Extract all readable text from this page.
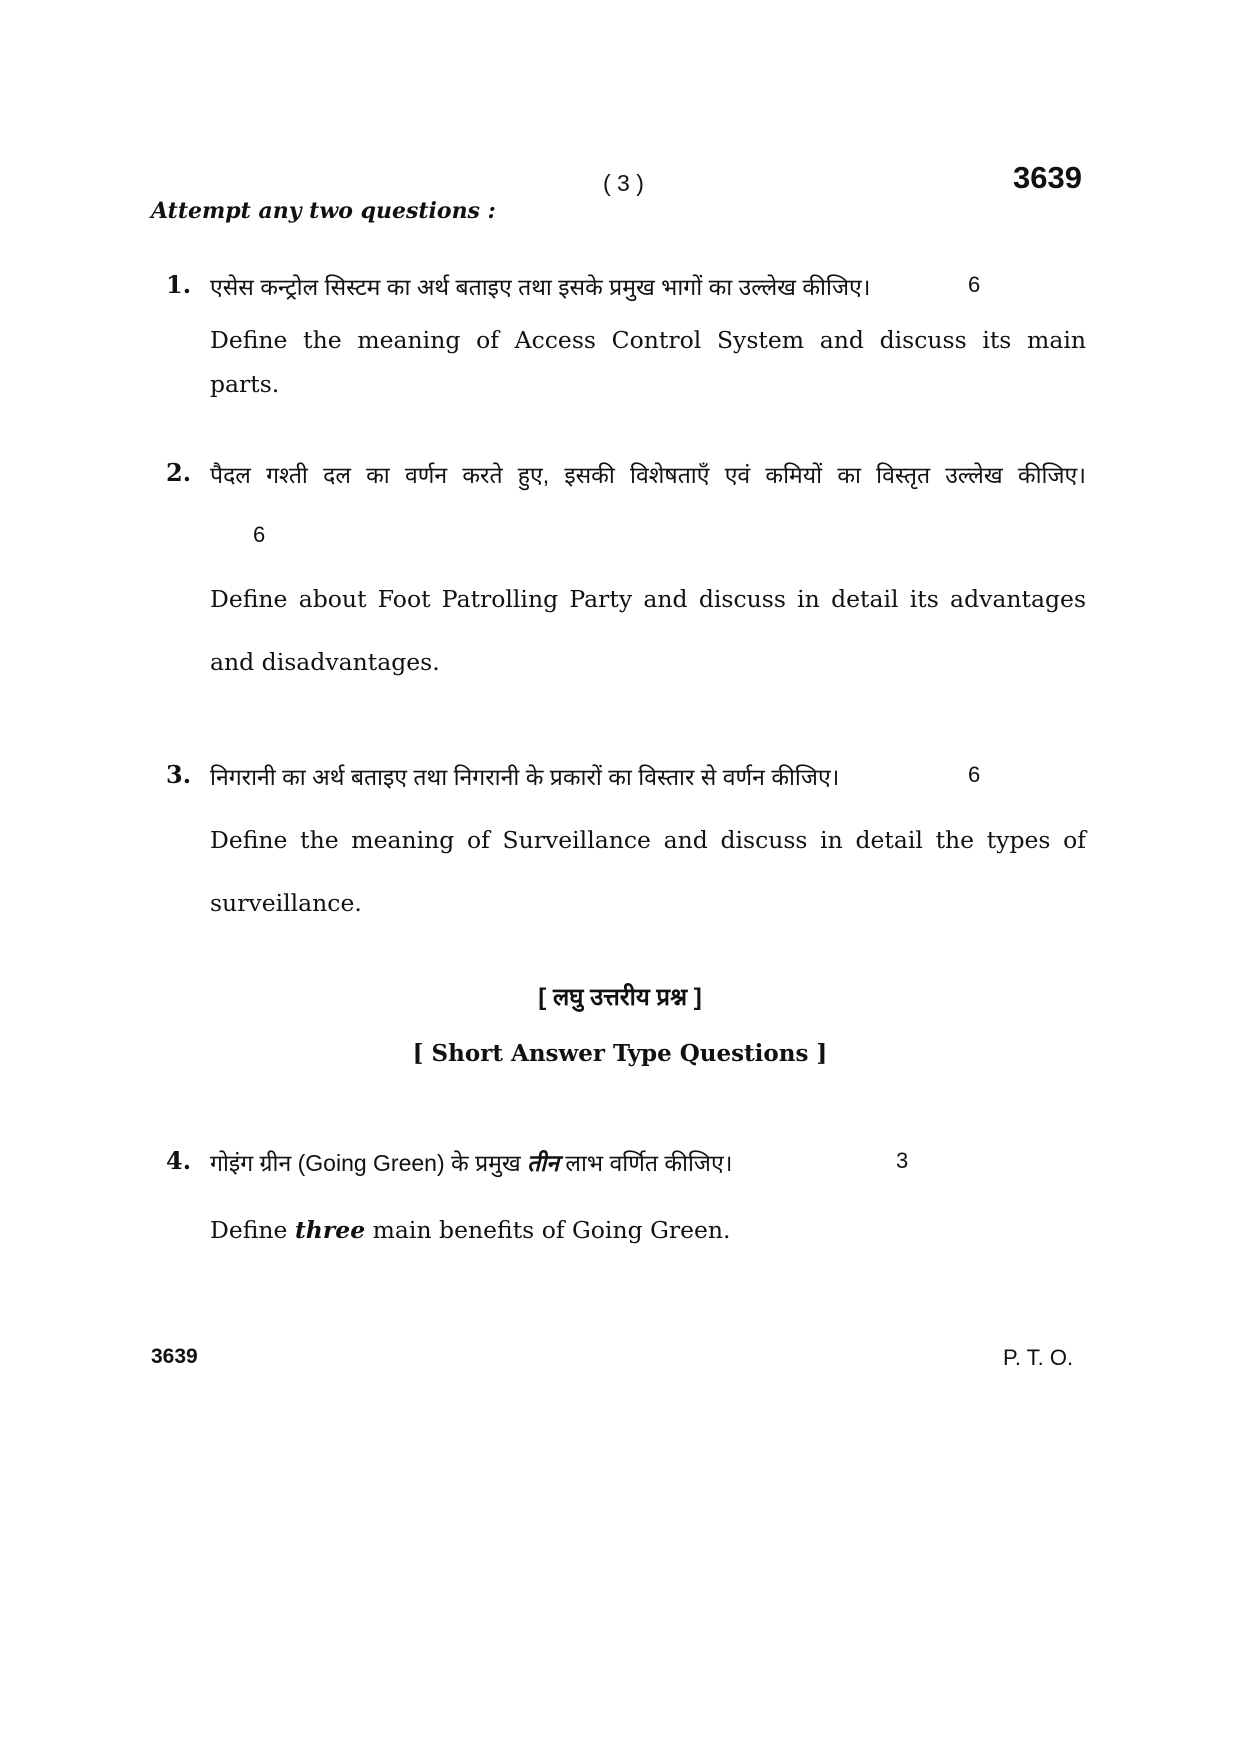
( 3 )	3639
Attempt any two questions :
1. एसेस कन्ट्रोल सिस्टम का अर्थ बताइए तथा इसके प्रमुख भागों का उल्लेख कीजिए।	6
Define the meaning of Access Control System and discuss its main
parts.
2. पैदल गश्ती दल का वर्णन करते हुए, इसकी विशेषताएँ एवं कमियों का विस्तृत उल्लेख कीजिए।
6
Define about Foot Patrolling Party and discuss in detail its advantages
and disadvantages.
3. निगरानी का अर्थ बताइए तथा निगरानी के प्रकारों का विस्तार से वर्णन कीजिए।	6
Define the meaning of Surveillance and discuss in detail the types of
surveillance.
[ लघु उत्तरीय प्रश्न ]
[ Short Answer Type Questions ]
4. गोइंग ग्रीन (Going Green) के प्रमुख तीन लाभ वर्णित कीजिए।	3
Define three main benefits of Going Green.
3639	P. T. O.
